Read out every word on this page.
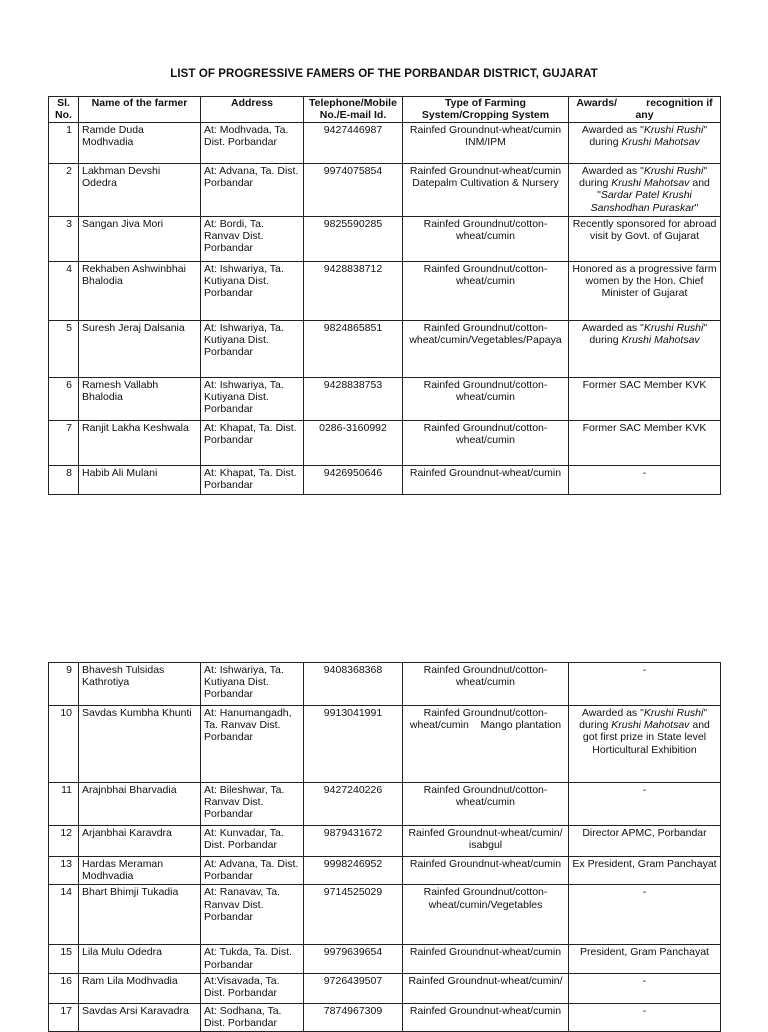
LIST OF PROGRESSIVE FAMERS OF THE PORBANDAR DISTRICT, GUJARAT
Sl. No.	Name of the farmer	Address	Telephone/Mobile No./E-mail Id.	Type of Farming System/Cropping System	Awards/          recognition if any
1	Ramde Duda Modhvadia	At: Modhvada, Ta. Dist. Porbandar	9427446987	Rainfed Groundnut-wheat/cumin INM/IPM	Awarded as "Krushi Rushi" during Krushi Mahotsav
2	Lakhman Devshi Odedra	At: Advana, Ta. Dist. Porbandar	9974075854	Rainfed Groundnut-wheat/cumin Datepalm Cultivation & Nursery	Awarded as "Krushi Rushi" during Krushi Mahotsav and "Sardar Patel Krushi Sanshodhan Puraskar"
3	Sangan Jiva Mori	At: Bordi, Ta. Ranvav Dist. Porbandar	9825590285	Rainfed Groundnut/cotton-wheat/cumin	Recently sponsored for abroad visit by Govt. of Gujarat
4	Rekhaben Ashwinbhai Bhalodia	At: Ishwariya, Ta. Kutiyana Dist. Porbandar	9428838712	Rainfed Groundnut/cotton-wheat/cumin	Honored as a progressive farm women by the Hon. Chief Minister of Gujarat
5	Suresh Jeraj Dalsania	At: Ishwariya, Ta. Kutiyana Dist. Porbandar	9824865851	Rainfed Groundnut/cotton-wheat/cumin/Vegetables/Papaya	Awarded as "Krushi Rushi" during Krushi Mahotsav
6	Ramesh Vallabh Bhalodia	At: Ishwariya, Ta. Kutiyana Dist. Porbandar	9428838753	Rainfed Groundnut/cotton-wheat/cumin	Former SAC Member KVK
7	Ranjit Lakha Keshwala	At: Khapat, Ta. Dist. Porbandar	0286-3160992	Rainfed Groundnut/cotton-wheat/cumin	Former SAC Member KVK
8	Habib Ali Mulani	At: Khapat, Ta. Dist. Porbandar	9426950646	Rainfed Groundnut-wheat/cumin	-
9	Bhavesh Tulsidas Kathrotiya	At: Ishwariya, Ta. Kutiyana Dist. Porbandar	9408368368	Rainfed Groundnut/cotton-wheat/cumin	-
10	Savdas Kumbha Khunti	At: Hanumangadh, Ta. Ranvav Dist. Porbandar	9913041991	Rainfed Groundnut/cotton-wheat/cumin    Mango plantation	Awarded as "Krushi Rushi" during Krushi Mahotsav and got first prize in State level Horticultural Exhibition
11	Arajnbhai Bharvadia	At: Bileshwar, Ta. Ranvav Dist. Porbandar	9427240226	Rainfed Groundnut/cotton-wheat/cumin	-
12	Arjanbhai Karavdra	At: Kunvadar, Ta. Dist. Porbandar	9879431672	Rainfed Groundnut-wheat/cumin/ isabgul	Director APMC, Porbandar
13	Hardas Meraman Modhvadia	At: Advana, Ta. Dist. Porbandar	9998246952	Rainfed Groundnut-wheat/cumin	Ex President, Gram Panchayat
14	Bhart Bhimji Tukadia	At: Ranavav, Ta. Ranvav Dist. Porbandar	9714525029	Rainfed Groundnut/cotton-wheat/cumin/Vegetables	-
15	Lila Mulu Odedra	At: Tukda, Ta. Dist. Porbandar	9979639654	Rainfed Groundnut-wheat/cumin	President, Gram Panchayat
16	Ram Lila Modhvadia	At:Visavada, Ta. Dist. Porbandar	9726439507	Rainfed Groundnut-wheat/cumin/	-
17	Savdas Arsi Karavadra	At: Sodhana, Ta. Dist. Porbandar	7874967309	Rainfed Groundnut-wheat/cumin	-
